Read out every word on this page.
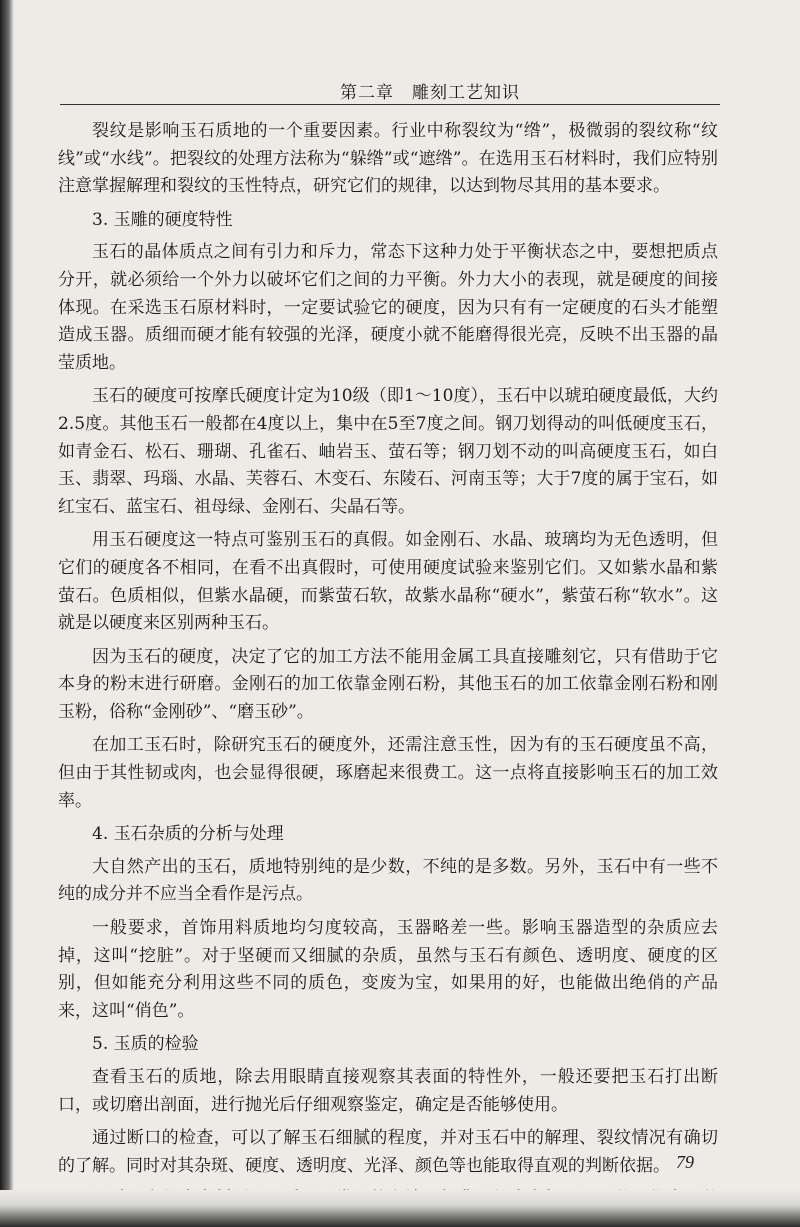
第二章　雕刻工艺知识

裂纹是影响玉石质地的一个重要因素。行业中称裂纹为“绺”，极微弱的裂纹称“纹线”或“水线”。把裂纹的处理方法称为“躲绺”或“遮绺”。在选用玉石材料时，我们应特别注意掌握解理和裂纹的玉性特点，研究它们的规律，以达到物尽其用的基本要求。

3. 玉雕的硬度特性

玉石的晶体质点之间有引力和斥力，常态下这种力处于平衡状态之中，要想把质点分开，就必须给一个外力以破坏它们之间的力平衡。外力大小的表现，就是硬度的间接体现。在采选玉石原材料时，一定要试验它的硬度，因为只有有一定硬度的石头才能塑造成玉器。质细而硬才能有较强的光泽，硬度小就不能磨得很光亮，反映不出玉器的晶莹质地。

玉石的硬度可按摩氏硬度计定为10级（即1～10度），玉石中以琥珀硬度最低，大约2.5度。其他玉石一般都在4度以上，集中在5至7度之间。钢刀划得动的叫低硬度玉石，如青金石、松石、珊瑚、孔雀石、岫岩玉、萤石等；钢刀划不动的叫高硬度玉石，如白玉、翡翠、玛瑙、水晶、芙蓉石、木变石、东陵石、河南玉等；大于7度的属于宝石，如红宝石、蓝宝石、祖母绿、金刚石、尖晶石等。

用玉石硬度这一特点可鉴别玉石的真假。如金刚石、水晶、玻璃均为无色透明，但它们的硬度各不相同，在看不出真假时，可使用硬度试验来鉴别它们。又如紫水晶和紫萤石。色质相似，但紫水晶硬，而紫萤石软，故紫水晶称“硬水”，紫萤石称“软水”。这就是以硬度来区别两种玉石。

因为玉石的硬度，决定了它的加工方法不能用金属工具直接雕刻它，只有借助于它本身的粉末进行研磨。金刚石的加工依靠金刚石粉，其他玉石的加工依靠金刚石粉和刚玉粉，俗称“金刚砂”、“磨玉砂”。

在加工玉石时，除研究玉石的硬度外，还需注意玉性，因为有的玉石硬度虽不高，但由于其性韧或肉，也会显得很硬，琢磨起来很费工。这一点将直接影响玉石的加工效率。

4. 玉石杂质的分析与处理

大自然产出的玉石，质地特别纯的是少数，不纯的是多数。另外，玉石中有一些不纯的成分并不应当全看作是污点。

一般要求，首饰用料质地均匀度较高，玉器略差一些。影响玉器造型的杂质应去掉，这叫“挖脏”。对于坚硬而又细腻的杂质，虽然与玉石有颜色、透明度、硬度的区别，但如能充分利用这些不同的质色，变废为宝，如果用的好，也能做出绝俏的产品来，这叫“俏色”。

5. 玉质的检验

查看玉石的质地，除去用眼睛直接观察其表面的特性外，一般还要把玉石打出断口，或切磨出剖面，进行抛光后仔细观察鉴定，确定是否能够使用。

通过断口的检查，可以了解玉石细腻的程度，并对玉石中的解理、裂纹情况有确切的了解。同时对其杂斑、硬度、透明度、光泽、颜色等也能取得直观的判断依据。 79
